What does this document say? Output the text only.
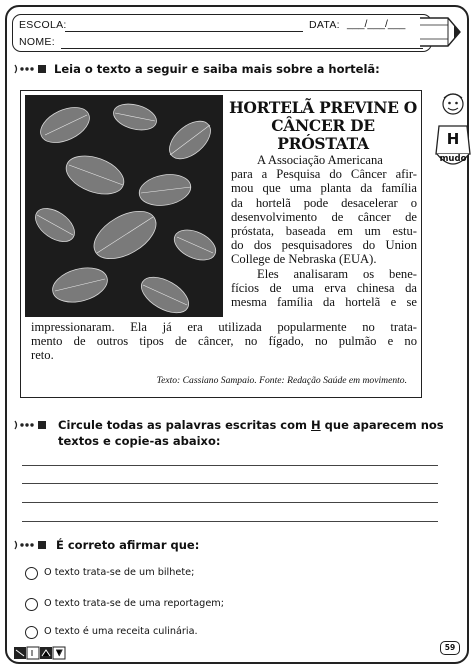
ESCOLA:	DATA: ___/___/___
NOME:
Leia o texto a seguir e saiba mais sobre a hortelã:
HORTELÃ PREVINE O
CÂNCER DE PRÓSTATA
A Associação Americana
para a Pesquisa do Câncer afir-
mou que uma planta da família
da hortelã pode desacelerar o
desenvolvimento de câncer de
próstata, baseada em um estu-
do dos pesquisadores do Union
College de Nebraska (EUA).
Eles analisaram os bene-
fícios de uma erva chinesa da
mesma família da hortelã e se
impressionaram. Ela já era utilizada popularmente no trata-
mento de outros tipos de câncer, no fígado, no pulmão e no
reto.
Texto: Cassiano Sampaio. Fonte: Redação Saúde em movimento.
H
mudo
Circule todas as palavras escritas com H que aparecem nos
textos e copie-as abaixo:
É correto afirmar que:
O texto trata-se de um bilhete;
O texto trata-se de uma reportagem;
O texto é uma receita culinária.
59
